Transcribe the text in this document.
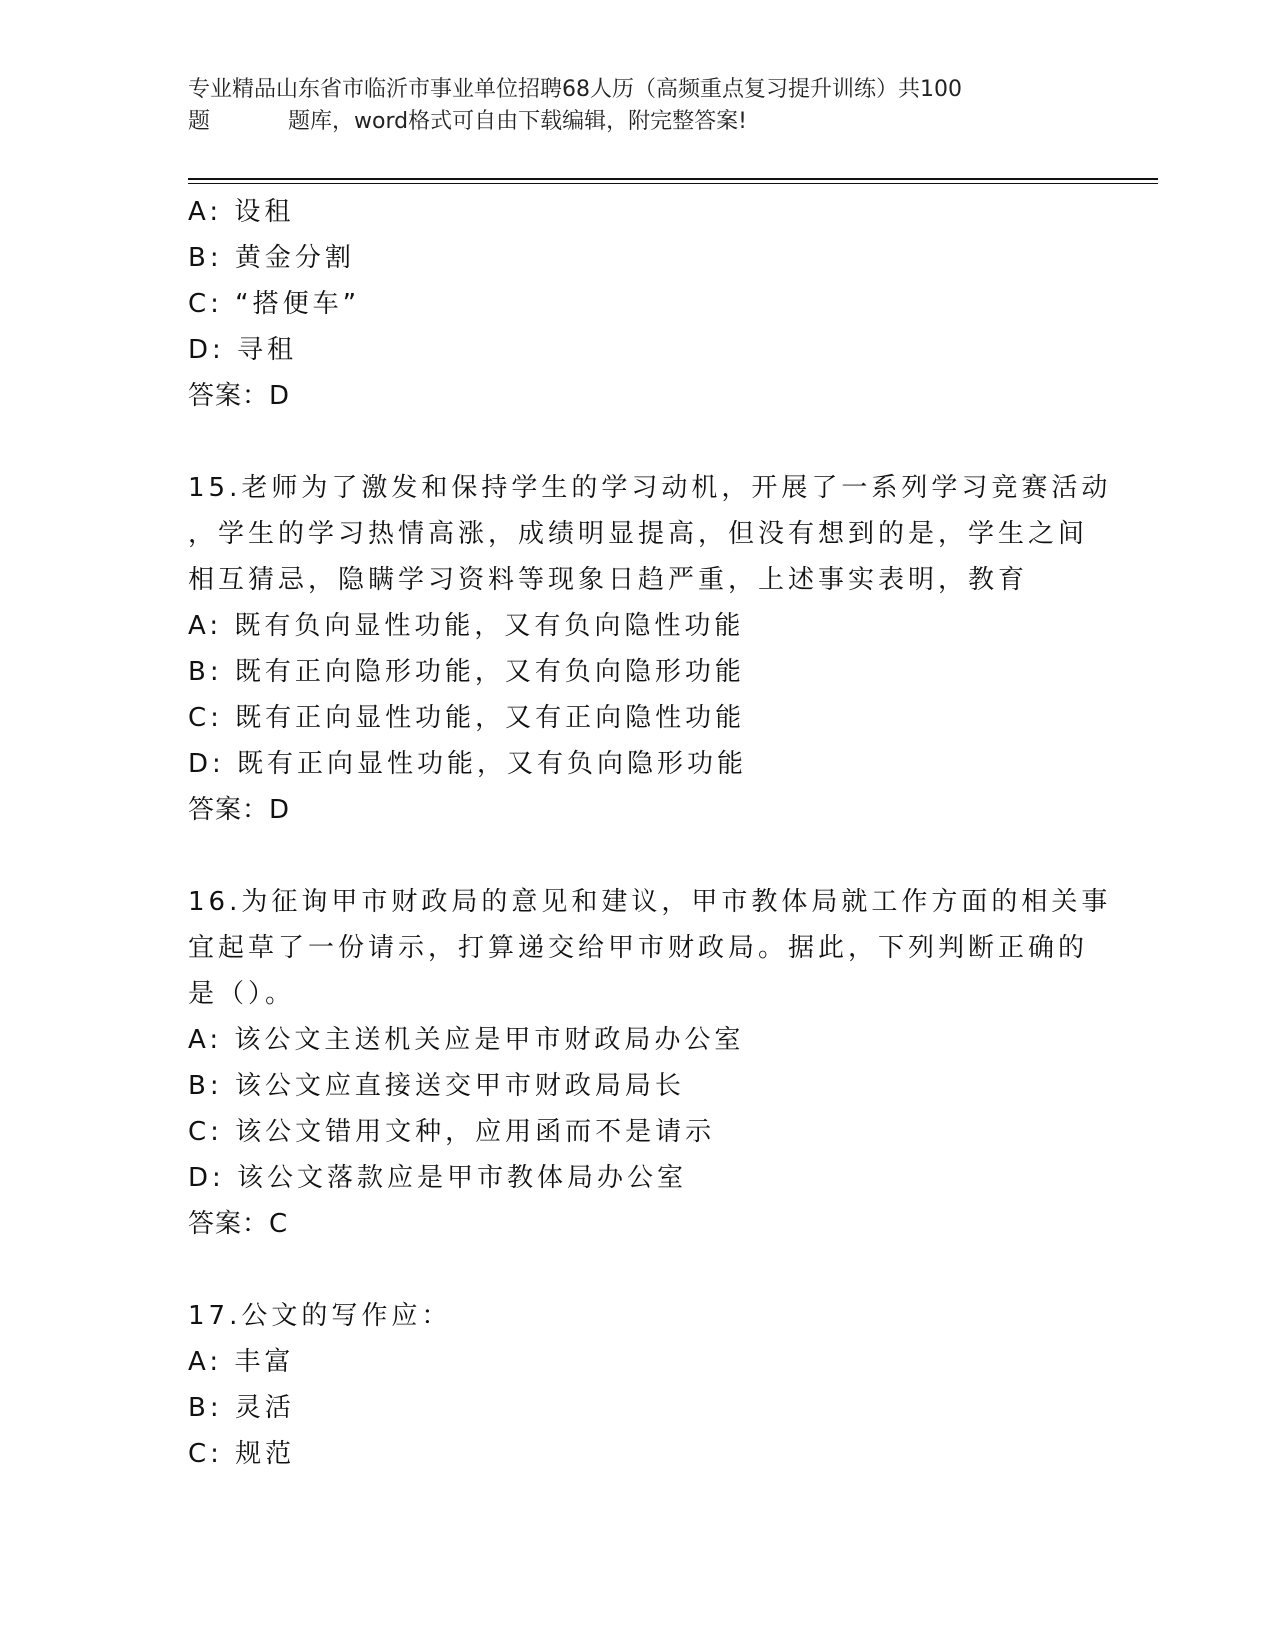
专业精品山东省市临沂市事业单位招聘68人历（高频重点复习提升训练）共100
题	题库，word格式可自由下载编辑，附完整答案!
A: 设租
B: 黄金分割
C: “搭便车”
D: 寻租
答案：D
15.老师为了激发和保持学生的学习动机，开展了一系列学习竞赛活动
，学生的学习热情高涨，成绩明显提高，但没有想到的是，学生之间
相互猜忌，隐瞒学习资料等现象日趋严重，上述事实表明，教育
A: 既有负向显性功能，又有负向隐性功能
B: 既有正向隐形功能，又有负向隐形功能
C: 既有正向显性功能，又有正向隐性功能
D: 既有正向显性功能，又有负向隐形功能
答案：D
16.为征询甲市财政局的意见和建议，甲市教体局就工作方面的相关事
宜起草了一份请示，打算递交给甲市财政局。据此，下列判断正确的
是（）。
A: 该公文主送机关应是甲市财政局办公室
B: 该公文应直接送交甲市财政局局长
C: 该公文错用文种，应用函而不是请示
D: 该公文落款应是甲市教体局办公室
答案：C
17.公文的写作应：
A: 丰富
B: 灵活
C: 规范
